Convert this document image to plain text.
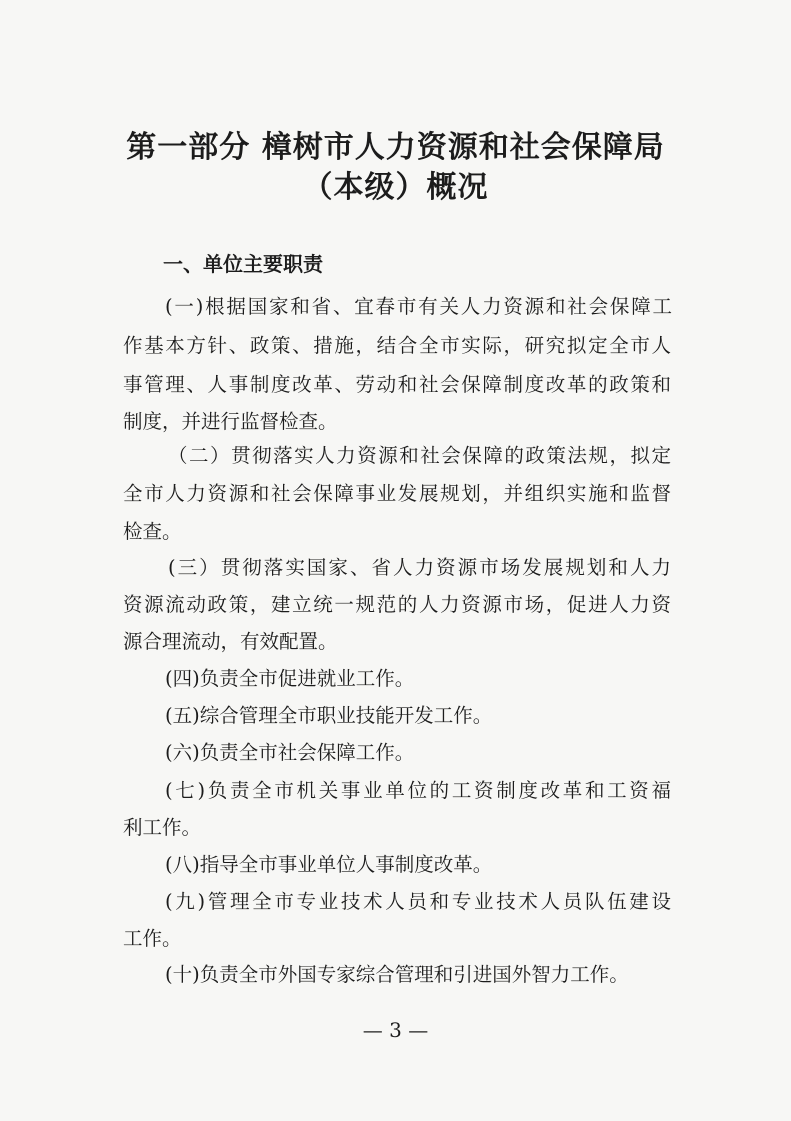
第一部分 樟树市人力资源和社会保障局
（本级）概况
一、单位主要职责

(一)根据国家和省、宜春市有关人力资源和社会保障工

作基本方针、政策、措施，结合全市实际，研究拟定全市人

事管理、人事制度改革、劳动和社会保障制度改革的政策和

制度，并进行监督检查。

（二）贯彻落实人力资源和社会保障的政策法规，拟定

全市人力资源和社会保障事业发展规划，并组织实施和监督

检查。

(三）贯彻落实国家、省人力资源市场发展规划和人力

资源流动政策，建立统一规范的人力资源市场，促进人力资

源合理流动，有效配置。

(四)负责全市促进就业工作。

(五)综合管理全市职业技能开发工作。

(六)负责全市社会保障工作。

(七)负责全市机关事业单位的工资制度改革和工资福

利工作。

(八)指导全市事业单位人事制度改革。

(九)管理全市专业技术人员和专业技术人员队伍建设

工作。

(十)负责全市外国专家综合管理和引进国外智力工作。

— 3 —
